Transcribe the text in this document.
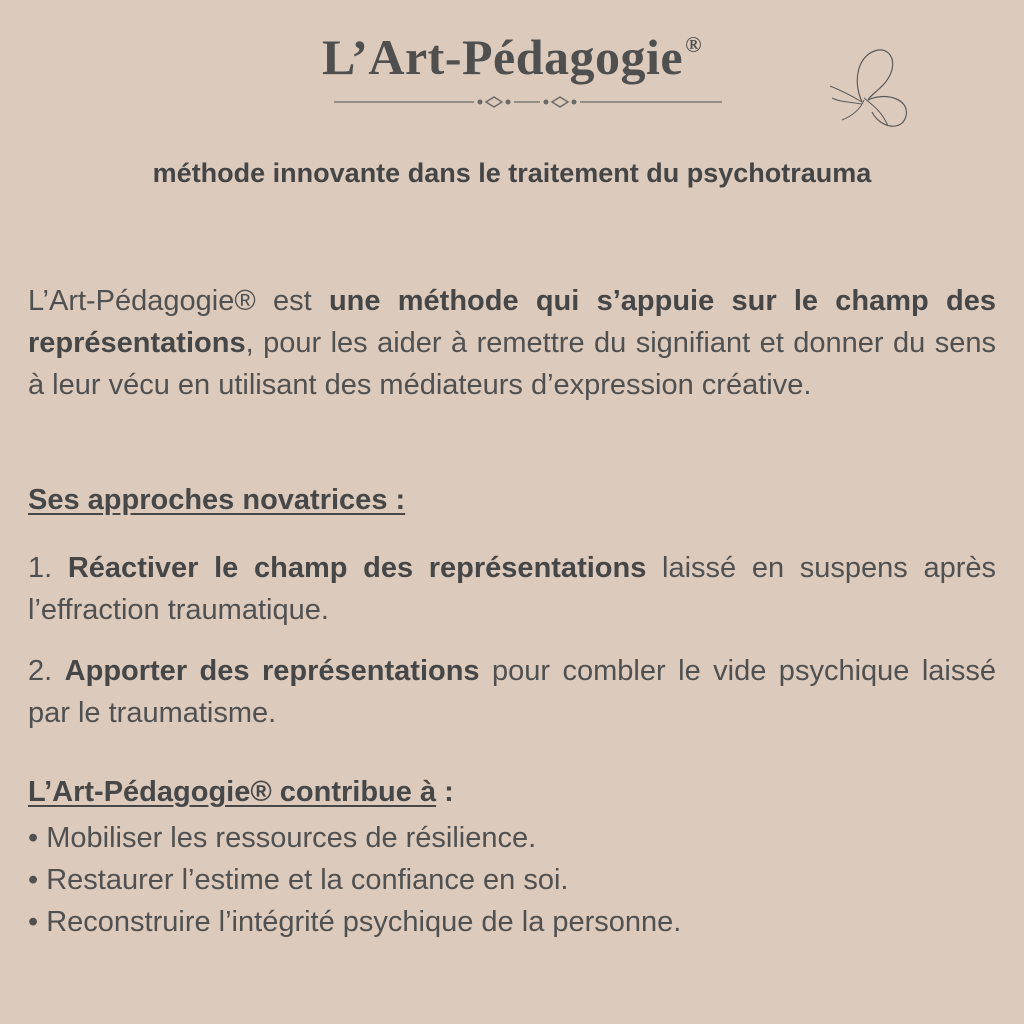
L’Art-Pédagogie®
méthode innovante dans le traitement du psychotrauma
L’Art-Pédagogie® est une méthode qui s’appuie sur le champ des représentations, pour les aider à remettre du signifiant et donner du sens à leur vécu en utilisant des médiateurs d’expression créative.
Ses approches novatrices :
1. Réactiver le champ des représentations laissé en suspens après l’effraction traumatique.
2. Apporter des représentations pour combler le vide psychique laissé par le traumatisme.
L’Art-Pédagogie® contribue à :
• Mobiliser les ressources de résilience.
• Restaurer l’estime et la confiance en soi.
• Reconstruire l’intégrité psychique de la personne.
